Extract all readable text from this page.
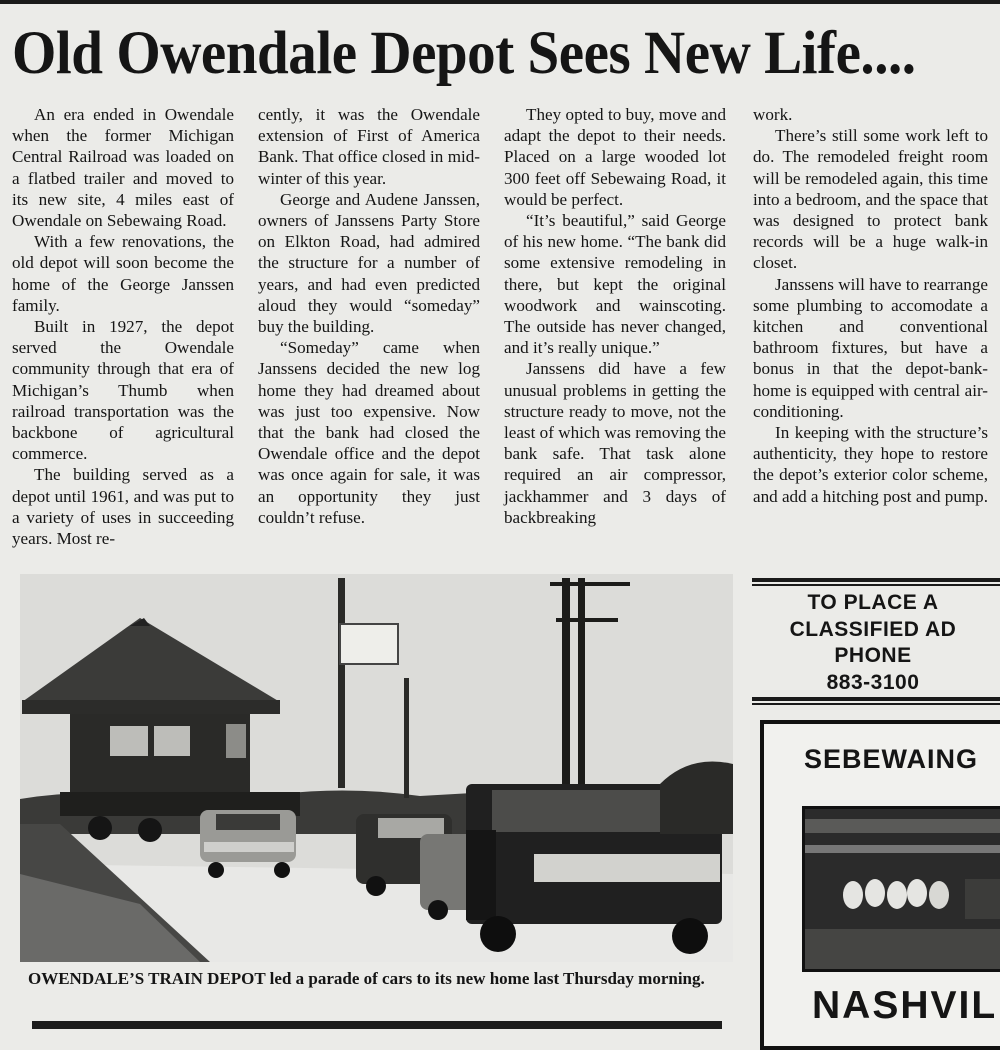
Old Owendale Depot Sees New Life....

An era ended in Owendale when the former Michigan Central Railroad was loaded on a flatbed trailer and moved to its new site, 4 miles east of Owendale on Sebewaing Road.

With a few renovations, the old depot will soon become the home of the George Janssen family.

Built in 1927, the depot served the Owendale community through that era of Michigan’s Thumb when railroad transportation was the backbone of agricultural commerce.

The building served as a depot until 1961, and was put to a variety of uses in succeeding years. Most re-

cently, it was the Owendale extension of First of America Bank. That office closed in mid-winter of this year.

George and Audene Janssen, owners of Janssens Party Store on Elkton Road, had admired the structure for a number of years, and had even predicted aloud they would “someday” buy the building.

“Someday” came when Janssens decided the new log home they had dreamed about was just too expensive. Now that the bank had closed the Owendale office and the depot was once again for sale, it was an opportunity they just couldn’t refuse.

They opted to buy, move and adapt the depot to their needs. Placed on a large wooded lot 300 feet off Sebewaing Road, it would be perfect.

“It’s beautiful,” said George of his new home. “The bank did some extensive remodeling in there, but kept the original woodwork and wainscoting. The outside has never changed, and it’s really unique.”

Janssens did have a few unusual problems in getting the structure ready to move, not the least of which was removing the bank safe. That task alone required an air compressor, jackhammer and 3 days of backbreaking

work.

There’s still some work left to do. The remodeled freight room will be remodeled again, this time into a bedroom, and the space that was designed to protect bank records will be a huge walk-in closet.

Janssens will have to rearrange some plumbing to accomodate a kitchen and conventional bathroom fixtures, but have a bonus in that the depot-bank-home is equipped with central air-conditioning.

In keeping with the structure’s authenticity, they hope to restore the depot’s exterior color scheme, and add a hitching post and pump.

OWENDALE’S TRAIN DEPOT led a parade of cars to its new home last Thursday morning.
TO PLACE A
CLASSIFIED AD
PHONE
883-3100
SEBEWAING
NASHVIL
